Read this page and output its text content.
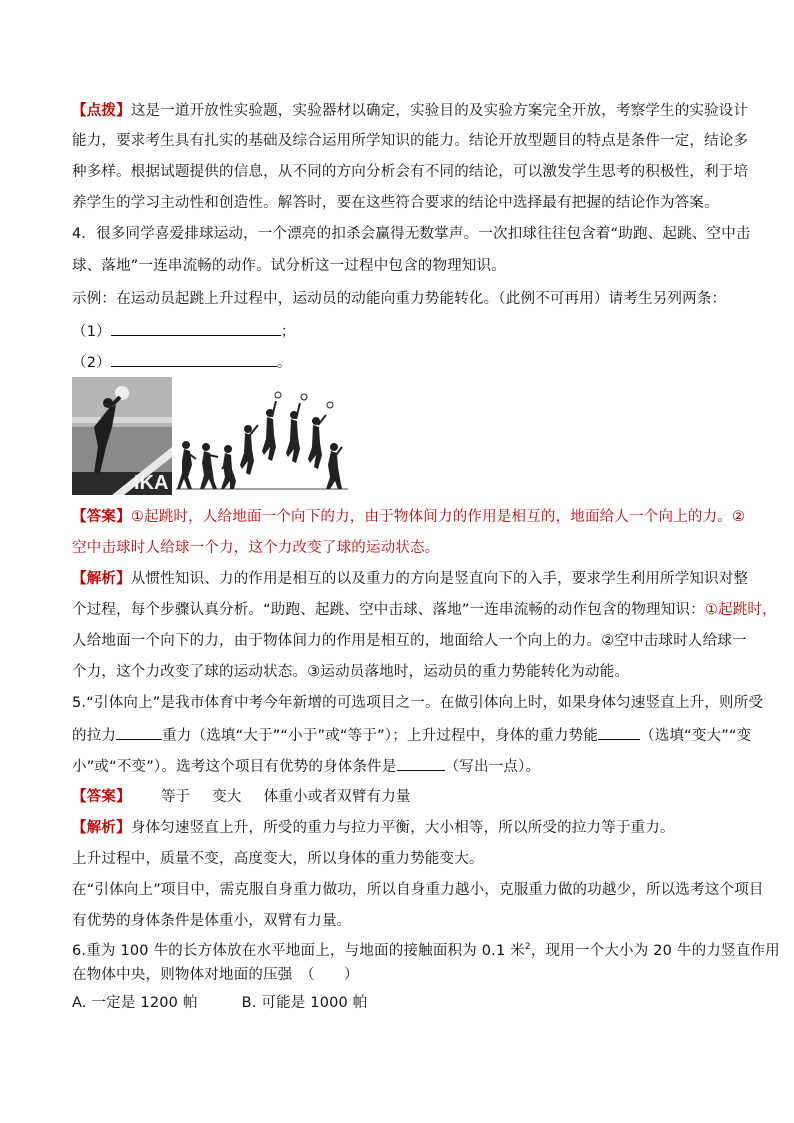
【点拨】这是一道开放性实验题，实验器材以确定，实验目的及实验方案完全开放，考察学生的实验设计
能力，要求考生具有扎实的基础及综合运用所学知识的能力。结论开放型题目的特点是条件一定，结论多
种多样。根据试题提供的信息，从不同的方向分析会有不同的结论，可以激发学生思考的积极性，利于培
养学生的学习主动性和创造性。解答时，要在这些符合要求的结论中选择最有把握的结论作为答案。
4．很多同学喜爱排球运动，一个漂亮的扣杀会赢得无数掌声。一次扣球往往包含着“助跑、起跳、空中击
球、落地”一连串流畅的动作。试分析这一过程中包含的物理知识。
示例：在运动员起跳上升过程中，运动员的动能向重力势能转化。（此例不可再用）请考生另列两条：
（1）	；
（2）	。
IKA
【答案】①起跳时，人给地面一个向下的力，由于物体间力的作用是相互的，地面给人一个向上的力。②
空中击球时人给球一个力，这个力改变了球的运动状态。
【解析】从惯性知识、力的作用是相互的以及重力的方向是竖直向下的入手，要求学生利用所学知识对整
个过程，每个步骤认真分析。“助跑、起跳、空中击球、落地”一连串流畅的动作包含的物理知识：①起跳时，
人给地面一个向下的力，由于物体间力的作用是相互的，地面给人一个向上的力。②空中击球时人给球一
个力，这个力改变了球的运动状态。③运动员落地时，运动员的重力势能转化为动能。
5.“引体向上”是我市体育中考今年新增的可选项目之一。在做引体向上时，如果身体匀速竖直上升，则所受
的拉力	重力（选填“大于”“小于”或“等于”）；上升过程中，身体的重力势能	（选填“变大”“变
小”或“不变”）。选考这个项目有优势的身体条件是	（写出一点）。
【答案】 等于 变大 体重小或者双臂有力量
【解析】身体匀速竖直上升，所受的重力与拉力平衡，大小相等，所以所受的拉力等于重力。
上升过程中，质量不变，高度变大，所以身体的重力势能变大。
在“引体向上”项目中，需克服自身重力做功，所以自身重力越小，克服重力做的功越少，所以选考这个项目
有优势的身体条件是体重小，双臂有力量。
6.重为 100 牛的长方体放在水平地面上，与地面的接触面积为 0.1 米$^2$，现用一个大小为 20 牛的力竖直作用
在物体中央，则物体对地面的压强　（　　）
A. 一定是 1200 帕	B. 可能是 1000 帕
